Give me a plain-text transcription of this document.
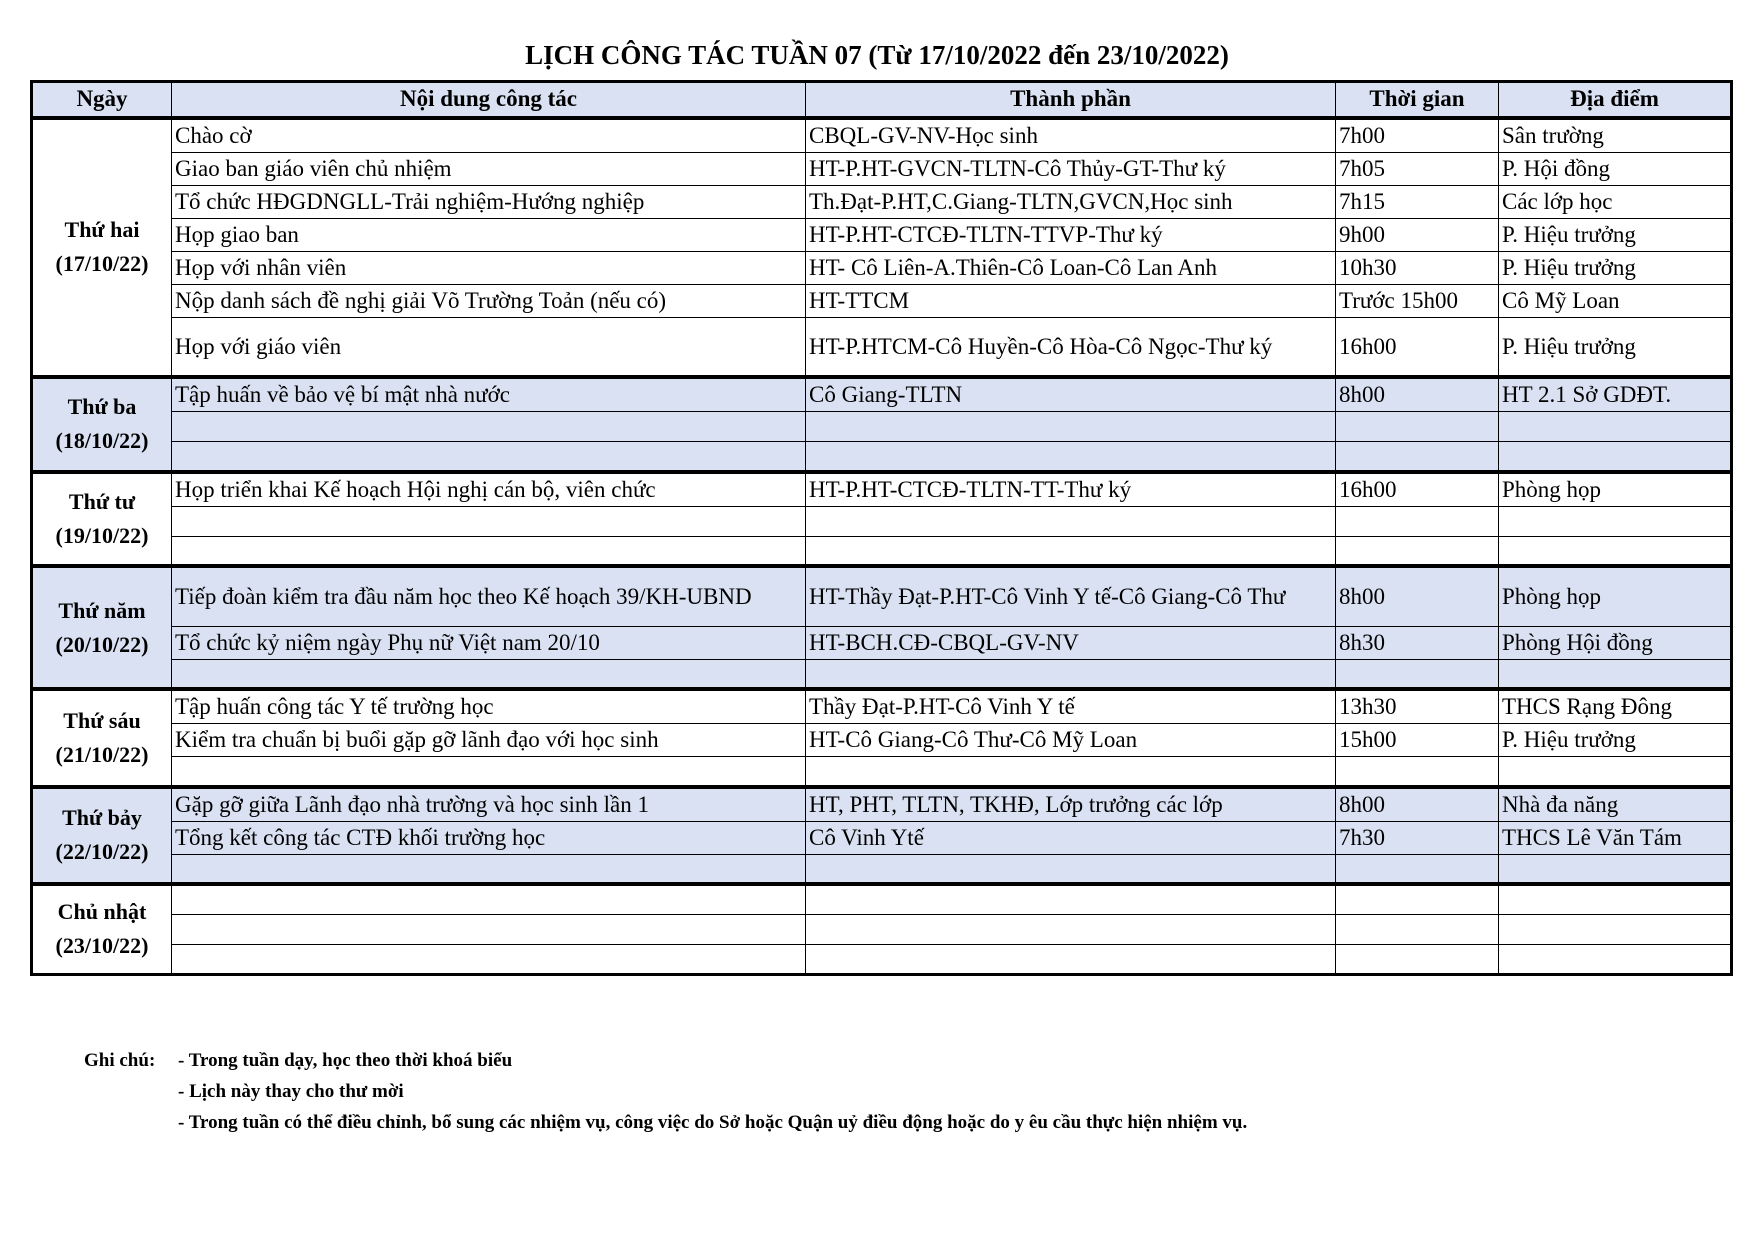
LỊCH CÔNG TÁC TUẦN 07 (Từ 17/10/2022 đến 23/10/2022)
Ngày	Nội dung công tác	Thành phần	Thời gian	Địa điểm

Thứ hai
(17/10/22)	Chào cờ	CBQL-GV-NV-Học sinh	7h00	Sân trường
	Giao ban giáo viên chủ nhiệm	HT-P.HT-GVCN-TLTN-Cô Thủy-GT-Thư ký	7h05	P. Hội đồng
	Tổ chức HĐGDNGLL-Trải nghiệm-Hướng nghiệp	Th.Đạt-P.HT,C.Giang-TLTN,GVCN,Học sinh	7h15	Các lớp học
	Họp giao ban	HT-P.HT-CTCĐ-TLTN-TTVP-Thư ký	9h00	P. Hiệu trưởng
	Họp với nhân viên	HT- Cô Liên-A.Thiên-Cô Loan-Cô Lan Anh	10h30	P. Hiệu trưởng
	Nộp danh sách đề nghị giải Võ Trường Toản (nếu có)	HT-TTCM	Trước 15h00	Cô Mỹ Loan
	Họp với giáo viên	HT-P.HTCM-Cô Huyền-Cô Hòa-Cô Ngọc-Thư ký	16h00	P. Hiệu trưởng

Thứ ba
(18/10/22)	Tập huấn về bảo vệ bí mật nhà nước	Cô Giang-TLTN	8h00	HT 2.1 Sở GDĐT.

Thứ tư
(19/10/22)	Họp triển khai Kế hoạch Hội nghị cán bộ, viên chức	HT-P.HT-CTCĐ-TLTN-TT-Thư ký	16h00	Phòng họp

Thứ năm
(20/10/22)	Tiếp đoàn kiểm tra đầu năm học theo Kế hoạch 39/KH-UBND	HT-Thầy Đạt-P.HT-Cô Vinh Y tế-Cô Giang-Cô Thư	8h00	Phòng họp
	Tổ chức kỷ niệm ngày Phụ nữ Việt nam 20/10	HT-BCH.CĐ-CBQL-GV-NV	8h30	Phòng Hội đồng

Thứ sáu
(21/10/22)	Tập huấn công tác Y tế trường học	Thầy Đạt-P.HT-Cô Vinh Y tế	13h30	THCS Rạng Đông
	Kiểm tra chuẩn bị buổi gặp gỡ lãnh đạo với học sinh	HT-Cô Giang-Cô Thư-Cô Mỹ Loan	15h00	P. Hiệu trưởng

Thứ bảy
(22/10/22)	Gặp gỡ giữa Lãnh đạo nhà trường và học sinh lần 1	HT, PHT, TLTN, TKHĐ, Lớp trưởng các lớp	8h00	Nhà đa năng
	Tổng kết công tác CTĐ khối trường học	Cô Vinh Ytế	7h30	THCS Lê Văn Tám

Chủ nhật
(23/10/22)				

Ghi chú:	- Trong tuần dạy, học theo thời khoá biểu
- Lịch này thay cho thư mời
- Trong tuần có thể điều chỉnh, bổ sung các nhiệm vụ, công việc do Sở hoặc Quận uỷ điều động hoặc do y êu cầu thực hiện nhiệm vụ.
